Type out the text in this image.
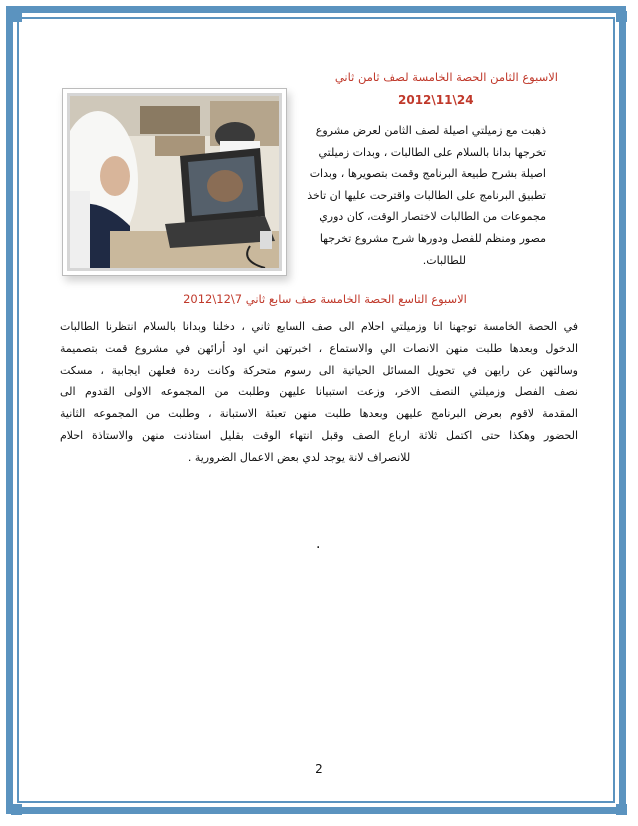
الاسبوع الثامن الحصة الخامسة لصف ثامن ثاني
2012\11\24
ذهبت مع زميلتي اصيلة لصف الثامن لعرض مشروع
تخرجها بدانا بالسلام على الطالبات ، وبدات زميلتي
اصيلة بشرح طبيعة البرنامج وقمت بتصويرها ، وبدات
تطبيق البرنامج على الطالبات واقترحت عليها ان تاخذ
مجموعات من الطالبات لاختصار الوقت، كان دوري
مصور ومنظم للفصل ودورها شرح مشروع تخرجها
للطالبات.
الاسبوع التاسع الحصة الخامسة صف سابع ثاني 7\12\2012
في الحصة الخامسة توجهنا انا وزميلتي احلام الى صف السابع ثاني ، دخلنا وبدانا بالسلام انتظرنا الطالبات
الدخول وبعدها طلبت منهن الانصات الي والاستماع ، اخبرتهن اني اود أرائهن في مشروع قمت بتصميمة
وسالتهن عن رايهن في تحويل المسائل الحياتية الى رسوم متحركة وكانت ردة فعلهن ايجابية ، مسكت
نصف الفصل وزميلتي النصف الاخر، وزعت استبيانا عليهن وطلبت من المجموعه الاولى القدوم الى
المقدمة لاقوم بعرض البرنامج عليهن وبعدها طلبت منهن تعبئة الاستبانة ، وطلبت من المجموعه الثانية
الحضور وهكذا حتى اكتمل ثلاثة ارباع الصف وقبل انتهاء الوقت بقليل استاذنت منهن والاستاذة احلام
للانصراف لانة يوجد لدي بعض الاعمال الضرورية .
.
2
